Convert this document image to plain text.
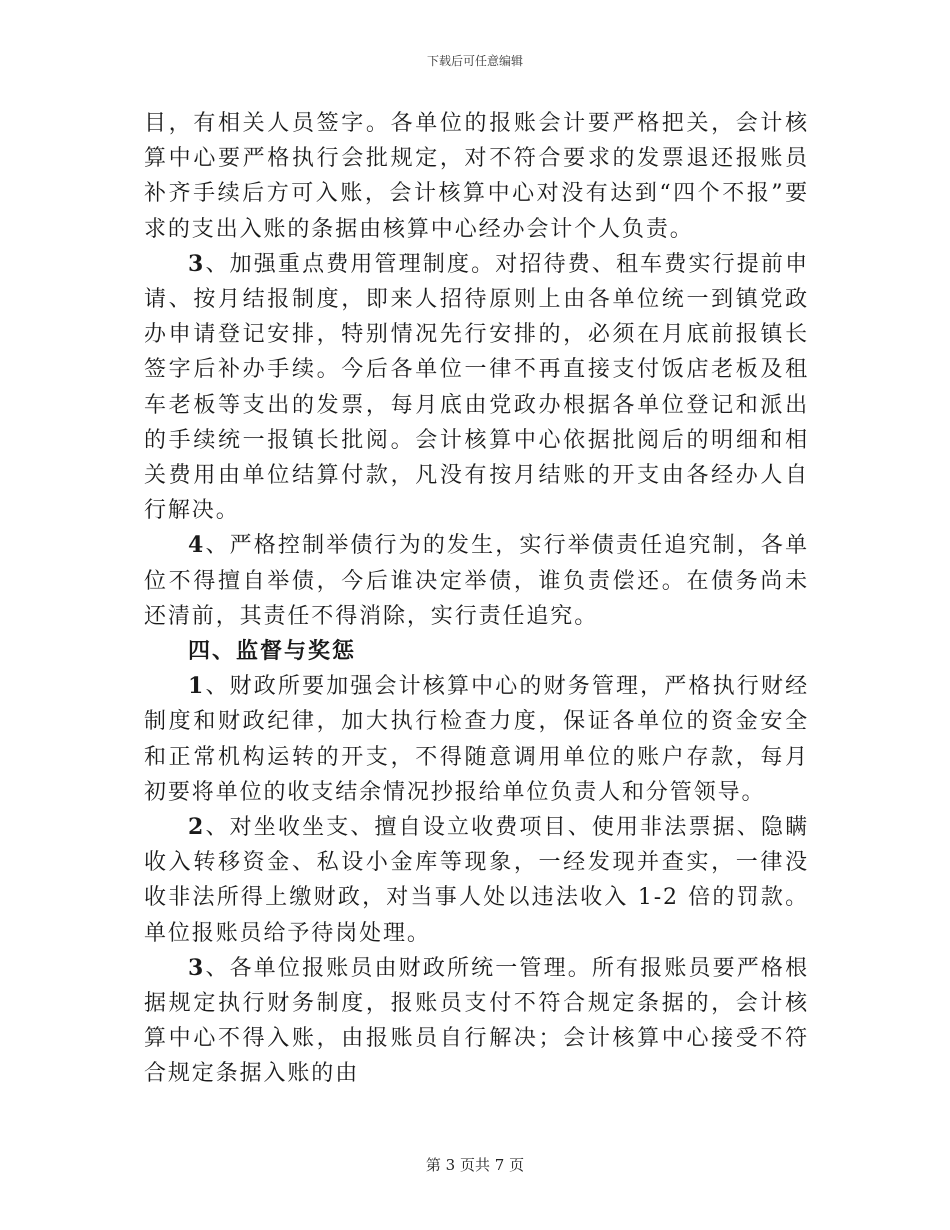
下载后可任意编辑

目，有相关人员签字。各单位的报账会计要严格把关，会计核算中心要严格执行会批规定，对不符合要求的发票退还报账员补齐手续后方可入账，会计核算中心对没有达到“四个不报”要求的支出入账的条据由核算中心经办会计个人负责。

3、加强重点费用管理制度。对招待费、租车费实行提前申请、按月结报制度，即来人招待原则上由各单位统一到镇党政办申请登记安排，特别情况先行安排的，必须在月底前报镇长签字后补办手续。今后各单位一律不再直接支付饭店老板及租车老板等支出的发票，每月底由党政办根据各单位登记和派出的手续统一报镇长批阅。会计核算中心依据批阅后的明细和相关费用由单位结算付款，凡没有按月结账的开支由各经办人自行解决。

4、严格控制举债行为的发生，实行举债责任追究制，各单位不得擅自举债，今后谁决定举债，谁负责偿还。在债务尚未还清前，其责任不得消除，实行责任追究。

四、监督与奖惩

1、财政所要加强会计核算中心的财务管理，严格执行财经制度和财政纪律，加大执行检查力度，保证各单位的资金安全和正常机构运转的开支，不得随意调用单位的账户存款，每月初要将单位的收支结余情况抄报给单位负责人和分管领导。

2、对坐收坐支、擅自设立收费项目、使用非法票据、隐瞒收入转移资金、私设小金库等现象，一经发现并查实，一律没收非法所得上缴财政，对当事人处以违法收入 1-2 倍的罚款。单位报账员给予待岗处理。

3、各单位报账员由财政所统一管理。所有报账员要严格根据规定执行财务制度，报账员支付不符合规定条据的，会计核算中心不得入账，由报账员自行解决；会计核算中心接受不符合规定条据入账的由

第 3 页共 7 页
